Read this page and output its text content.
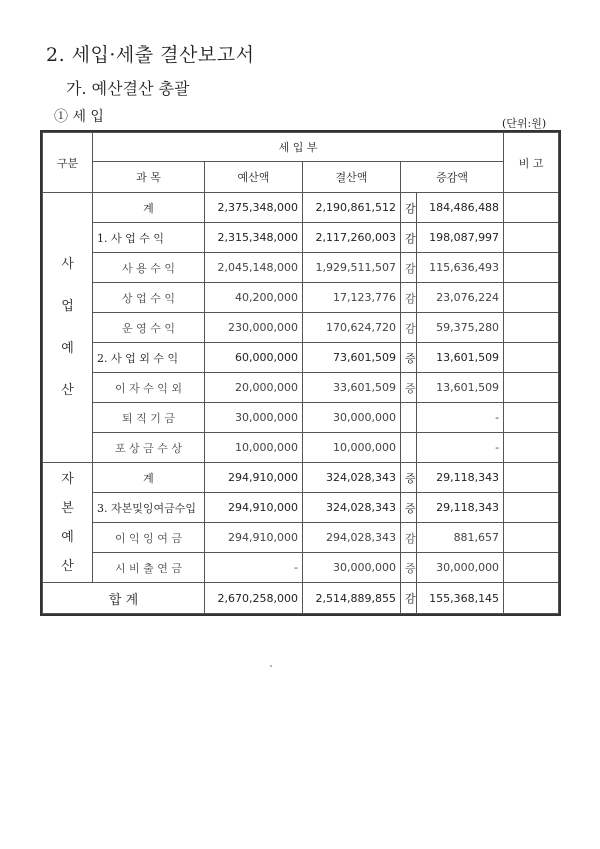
2. 세입·세출 결산보고서
가. 예산결산 총괄
① 세 입	(단위:원)
구분	세 입 부					비 고
	과 목	예산액	결산액	증감액		

사
업
예
산	계	2,375,348,000	2,190,861,512	감	184,486,488	
	1. 사 업 수 익	2,315,348,000	2,117,260,003	감	198,087,997	
	사 용 수 익	2,045,148,000	1,929,511,507	감	115,636,493	
	상 업 수 익	40,200,000	17,123,776	감	23,076,224	
	운 영 수 익	230,000,000	170,624,720	감	59,375,280	
	2. 사 업 외 수 익	60,000,000	73,601,509	증	13,601,509	
	이 자 수 익 외	20,000,000	33,601,509	증	13,601,509	
	퇴 직 기 금	30,000,000	30,000,000		-	
	포 상 금 수 상	10,000,000	10,000,000		-	

자
본
예
산	계	294,910,000	324,028,343	증	29,118,343	
	3. 자본및잉여금수입	294,910,000	324,028,343	증	29,118,343	
	이 익 잉 여 금	294,910,000	294,028,343	감	881,657	
	시 비 출 연 금	-	30,000,000	증	30,000,000	
합 계		2,670,258,000	2,514,889,855	감	155,368,145	
